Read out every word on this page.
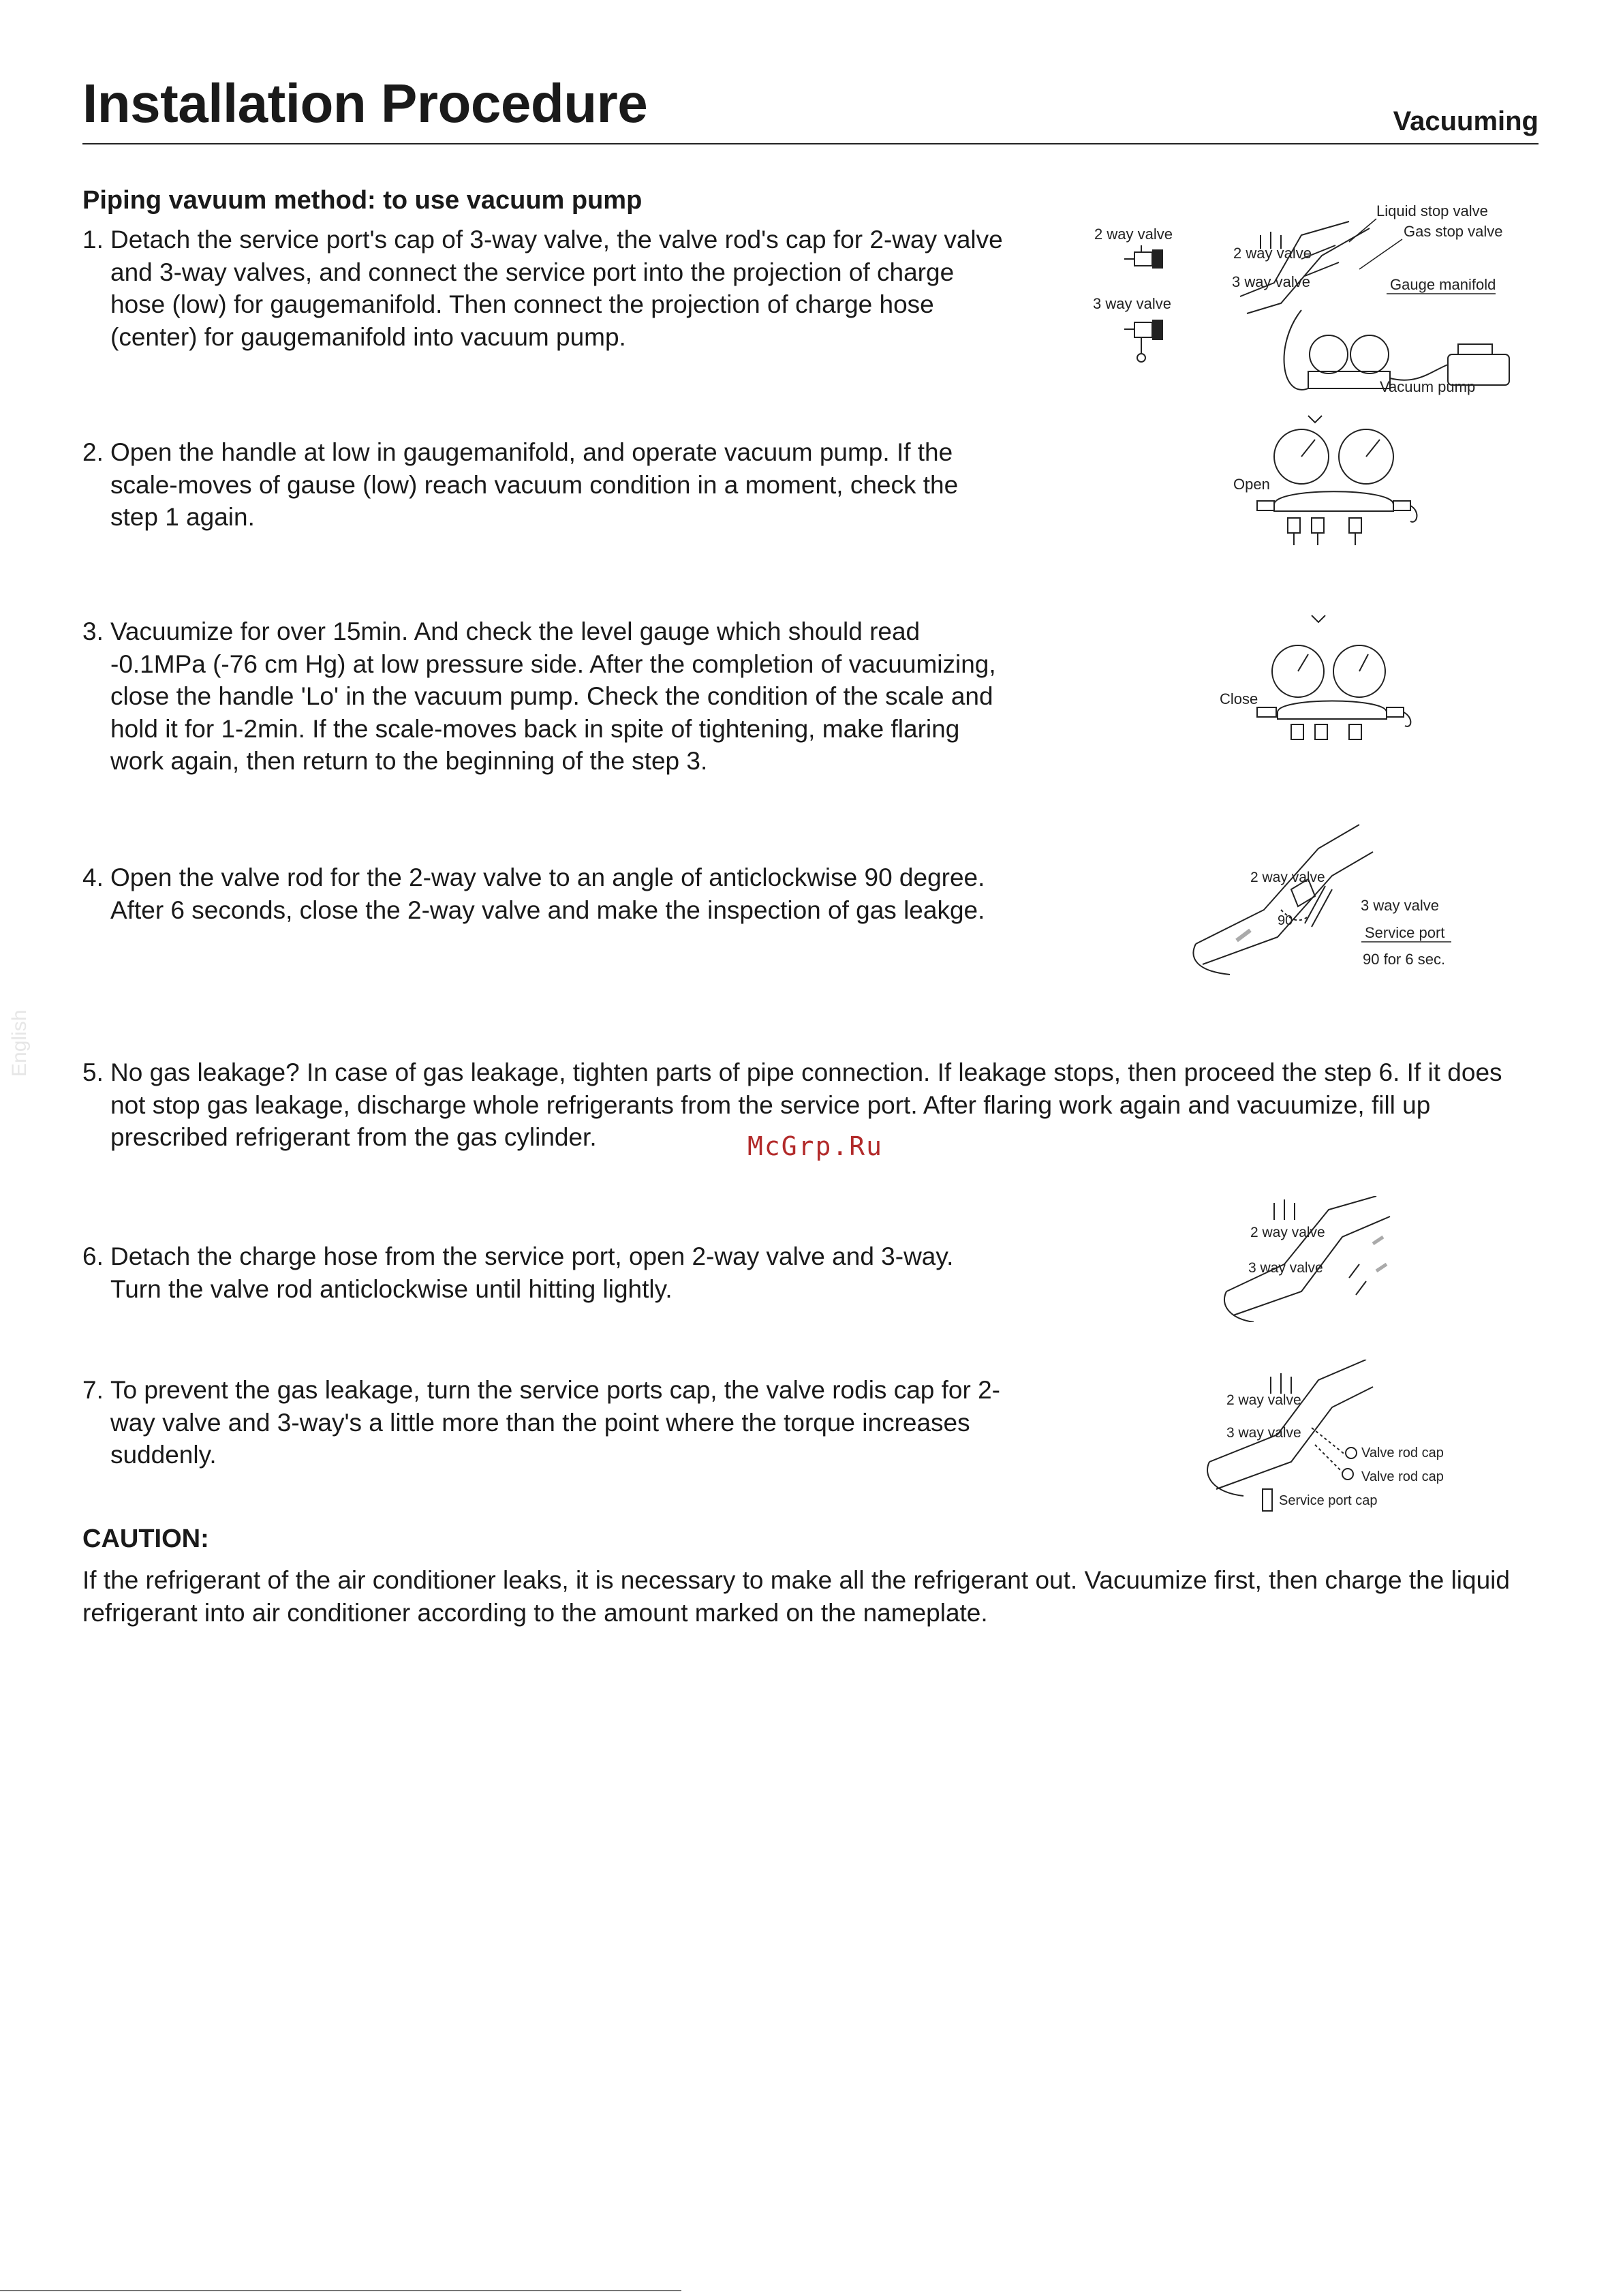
Installation Procedure	Vacuuming
Piping vavuum method: to use vacuum pump
English
1. Detach the service port's cap of 3-way valve, the valve rod's cap for 2-way valve and 3-way valves, and connect the service port into the projection of charge hose (low) for gaugemanifold. Then connect the projection of charge hose (center) for gaugemanifold into vacuum pump.
2. Open the handle at low in gaugemanifold, and operate vacuum pump. If the scale-moves of gause (low) reach vacuum condition in a moment, check the step 1 again.
3. Vacuumize for over 15min. And check the level gauge which should read -0.1MPa (-76 cm Hg) at low pressure side. After the completion of vacuumizing, close the handle 'Lo' in the vacuum pump. Check the condition of the scale and hold it for 1-2min. If the scale-moves back in spite of tightening, make flaring work again, then return to the beginning of the step 3.
4. Open the valve rod for the 2-way valve to an angle of anticlockwise 90 degree. After 6 seconds, close the 2-way valve and make the inspection of gas leakge.
5. No gas leakage? In case of gas leakage, tighten parts of pipe connection. If leakage stops, then proceed the step 6. If it does not stop gas leakage, discharge whole refrigerants from the service port. After flaring work again and vacuumize, fill up prescribed refrigerant from the gas cylinder.
6. Detach the charge hose from the service port, open 2-way valve and 3-way. Turn the valve rod anticlockwise until hitting lightly.
7. To prevent the gas leakage, turn the service ports cap, the valve rodis cap for 2-way valve and 3-way's a little more than the point where the torque increases suddenly.
McGrp.Ru
CAUTION:
If the refrigerant of the air conditioner leaks, it is necessary to make all the refrigerant out. Vacuumize first, then charge the liquid refrigerant into air conditioner according to the amount marked on the nameplate.
2 way valve
3 way valve
Liquid stop valve
Gas stop valve
2 way valve
3 way valve	Gauge manifold
Vacuum pump
Open
Close
2 way valve
90
3 way valve
Service port
90 for 6 sec.
2 way valve
3 way valve
2 way valve
3 way valve
Valve rod cap
Valve rod cap
Service port cap
